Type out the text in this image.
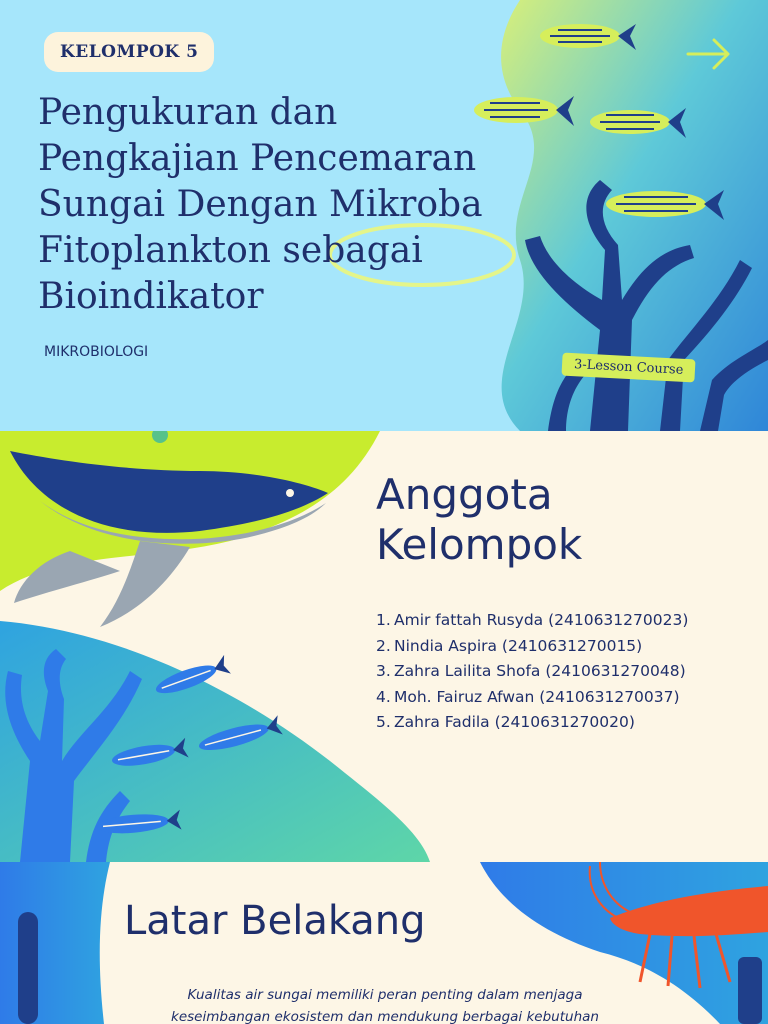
KELOMPOK 5
Pengukuran dan
Pengkajian Pencemaran
Sungai Dengan Mikroba
Fitoplankton sebagai
Bioindikator
MIKROBIOLOGI
3-Lesson Course
Anggota
Kelompok
1. Amir fattah Rusyda (2410631270023)
2. Nindia Aspira (2410631270015)
3. Zahra Lailita Shofa (2410631270048)
4. Moh. Fairuz Afwan (2410631270037)
5. Zahra Fadila (2410631270020)
Latar Belakang

Kualitas air sungai memiliki peran penting dalam menjaga
keseimbangan ekosistem dan mendukung berbagai kebutuhan
